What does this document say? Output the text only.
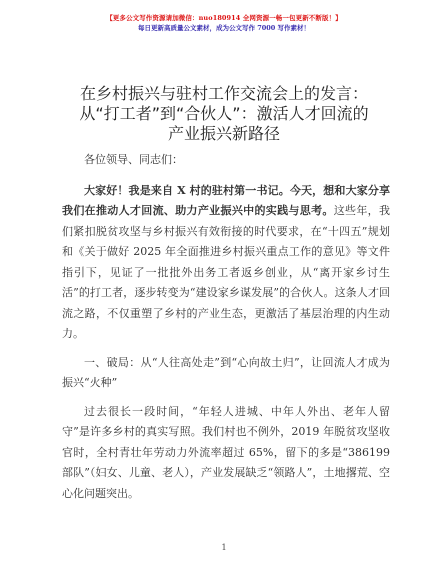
【更多公文写作资源请加微信：nuo180914 全网资源一畅一包更新不断版！】
每日更新高质量公文素材，成为公文写作 7000 写作素材！
在乡村振兴与驻村工作交流会上的发言：
从“打工者”到“合伙人”：激活人才回流的
产业振兴新路径

各位领导、同志们：

大家好！我是来自 X 村的驻村第一书记。今天，想和大家分享我们在推动人才回流、助力产业振兴中的实践与思考。这些年，我们紧扣脱贫攻坚与乡村振兴有效衔接的时代要求，在“十四五”规划和《关于做好 2025 年全面推进乡村振兴重点工作的意见》等文件指引下，见证了一批批外出务工者返乡创业，从“离开家乡讨生活”的打工者，逐步转变为“建设家乡谋发展”的合伙人。这条人才回流之路，不仅重塑了乡村的产业生态，更激活了基层治理的内生动力。

一、破局：从“人往高处走”到“心向故土归”，让回流人才成为振兴“火种”

过去很长一段时间，“年轻人进城、中年人外出、老年人留守”是许多乡村的真实写照。我们村也不例外，2019 年脱贫攻坚收官时，全村青壮年劳动力外流率超过 65%，留下的多是“386199 部队”（妇女、儿童、老人），产业发展缺乏“领路人”，土地撂荒、空心化问题突出。

1
